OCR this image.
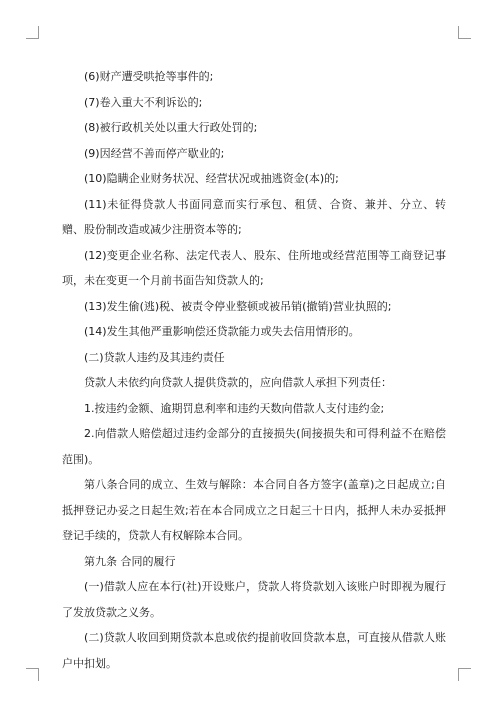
(6)财产遭受哄抢等事件的;

(7)卷入重大不利诉讼的;

(8)被行政机关处以重大行政处罚的;

(9)因经营不善而停产歇业的;

(10)隐瞒企业财务状况、经营状况或抽逃资金(本)的;

(11)未征得贷款人书面同意而实行承包、租赁、合资、兼并、分立、转赠、股份制改造或减少注册资本等的;

(12)变更企业名称、法定代表人、股东、住所地或经营范围等工商登记事项，未在变更一个月前书面告知贷款人的;

(13)发生偷(逃)税、被责令停业整顿或被吊销(撤销)营业执照的;

(14)发生其他严重影响偿还贷款能力或失去信用情形的。

(二)贷款人违约及其违约责任

贷款人未依约向贷款人提供贷款的，应向借款人承担下列责任：

1.按违约金额、逾期罚息利率和违约天数向借款人支付违约金;

2.向借款人赔偿超过违约金部分的直接损失(间接损失和可得利益不在赔偿范围)。

第八条合同的成立、生效与解除：本合同自各方签字(盖章)之日起成立;自抵押登记办妥之日起生效;若在本合同成立之日起三十日内，抵押人未办妥抵押登记手续的，贷款人有权解除本合同。

第九条 合同的履行

(一)借款人应在本行(社)开设账户，贷款人将贷款划入该账户时即视为履行了发放贷款之义务。

(二)贷款人收回到期贷款本息或依约提前收回贷款本息，可直接从借款人账户中扣划。
